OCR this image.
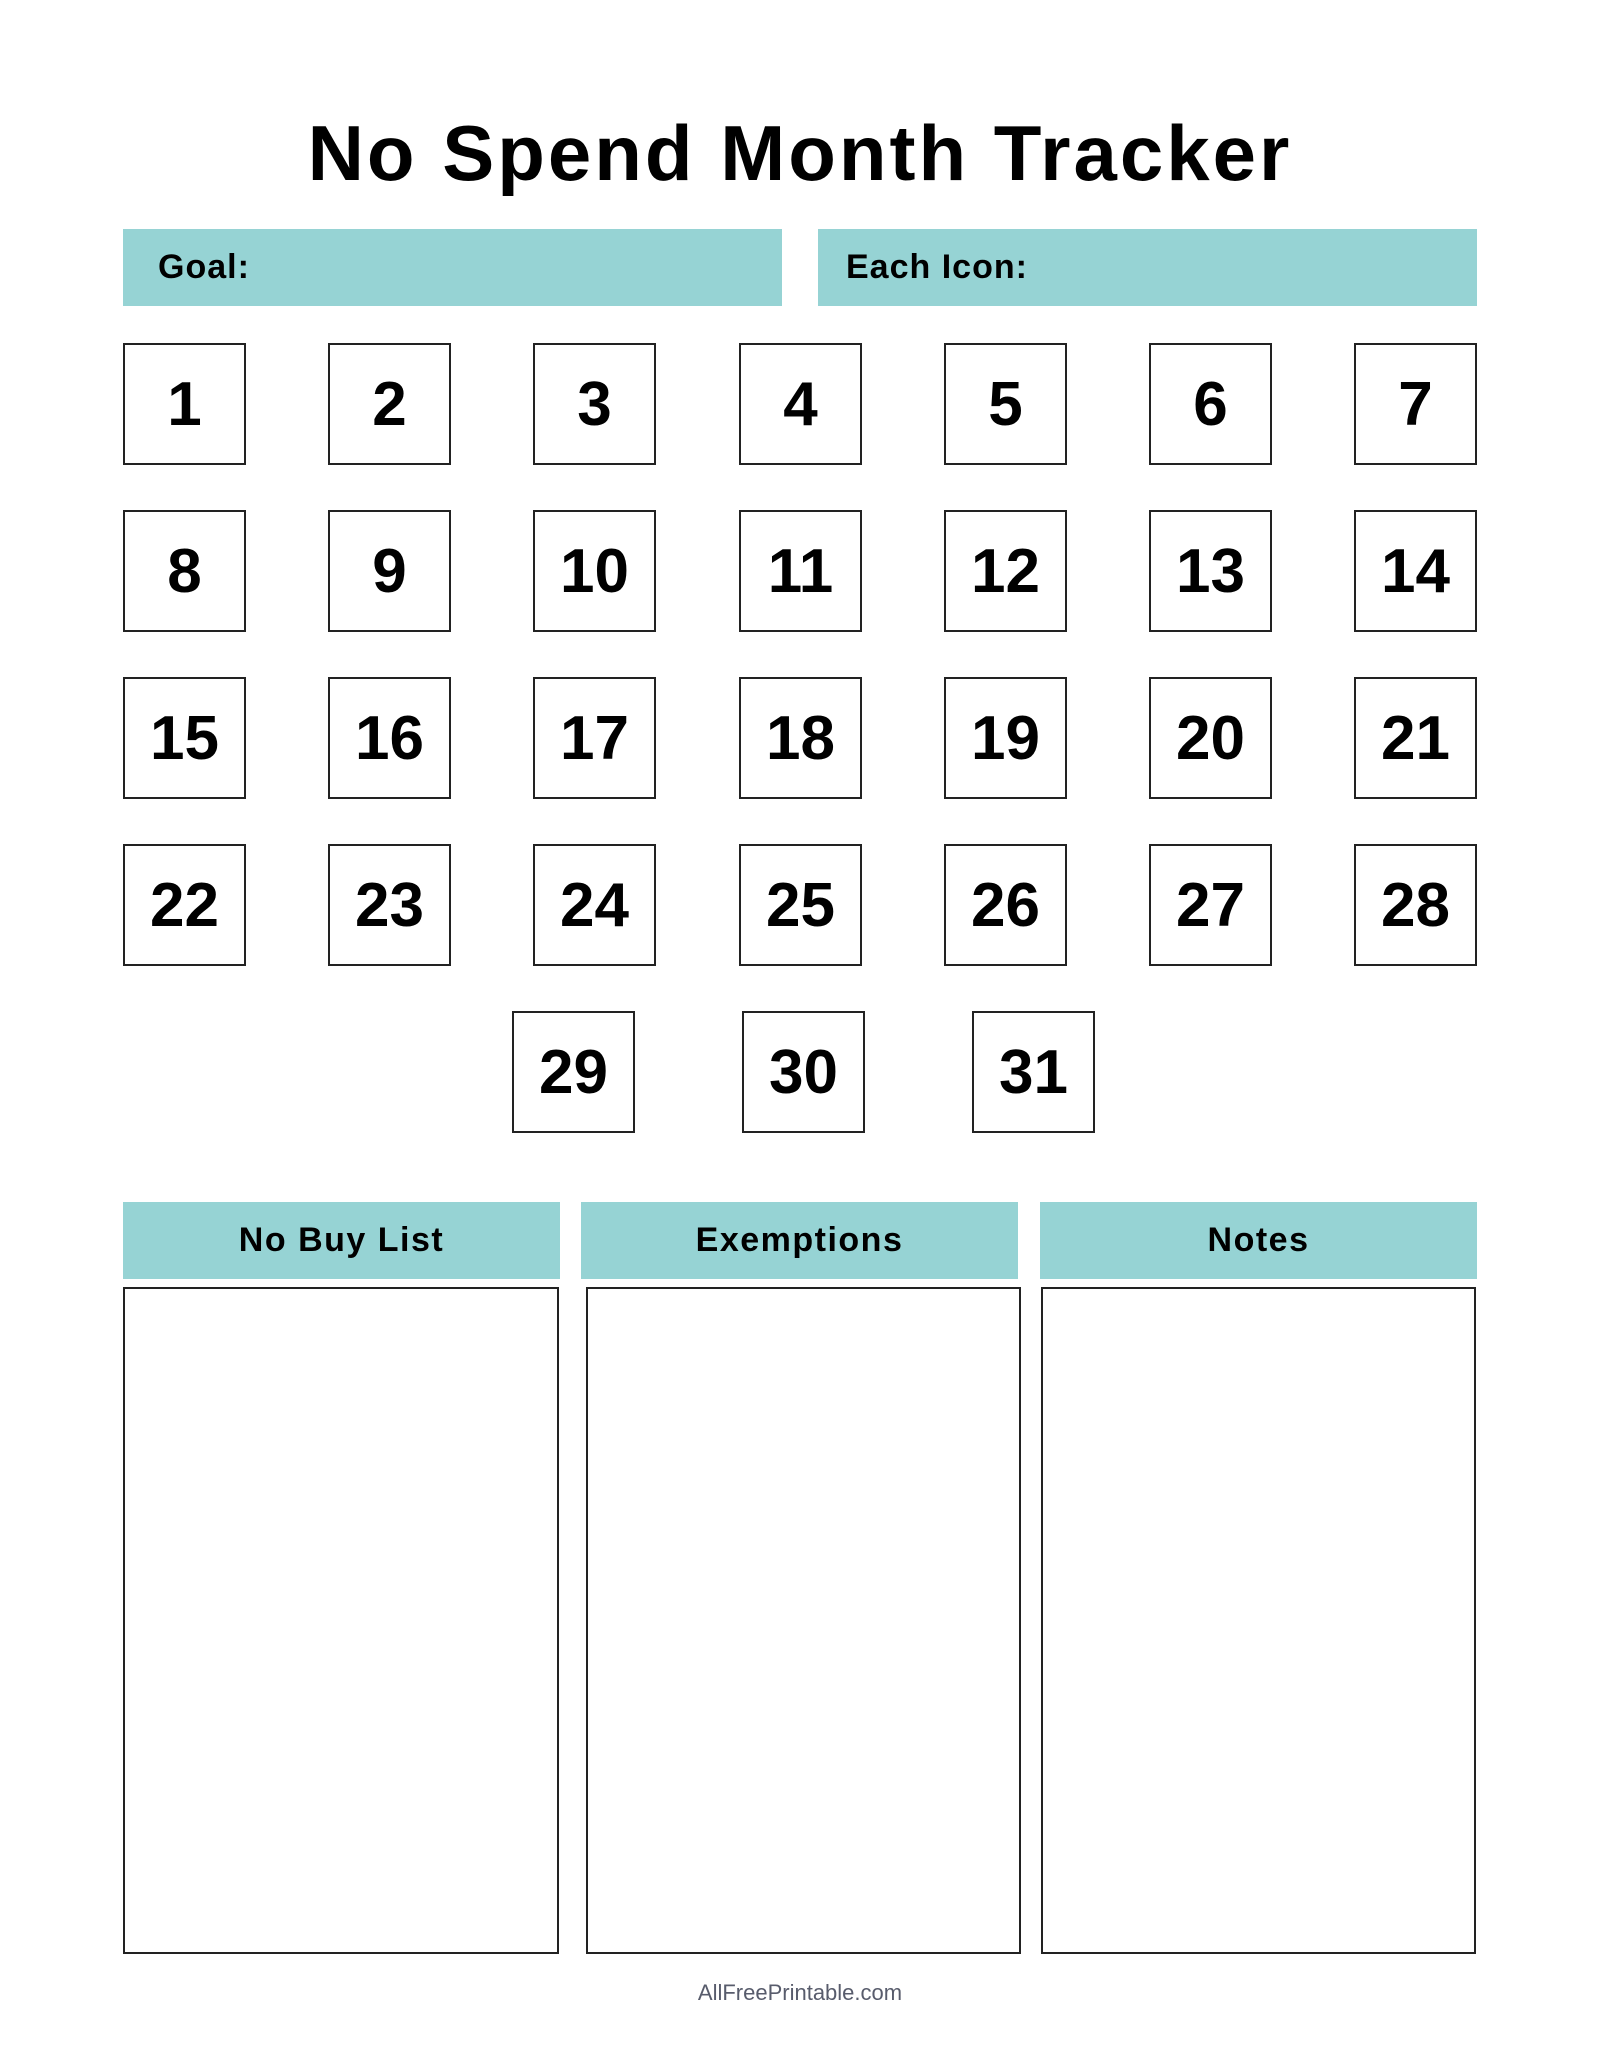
No Spend Month Tracker
Goal:	Each Icon:
1	2	3	4	5	6	7
8	9	10	11	12	13	14
15	16	17	18	19	20	21
22	23	24	25	26	27	28
29	30	31
No Buy List	Exemptions	Notes
AllFreePrintable.com
